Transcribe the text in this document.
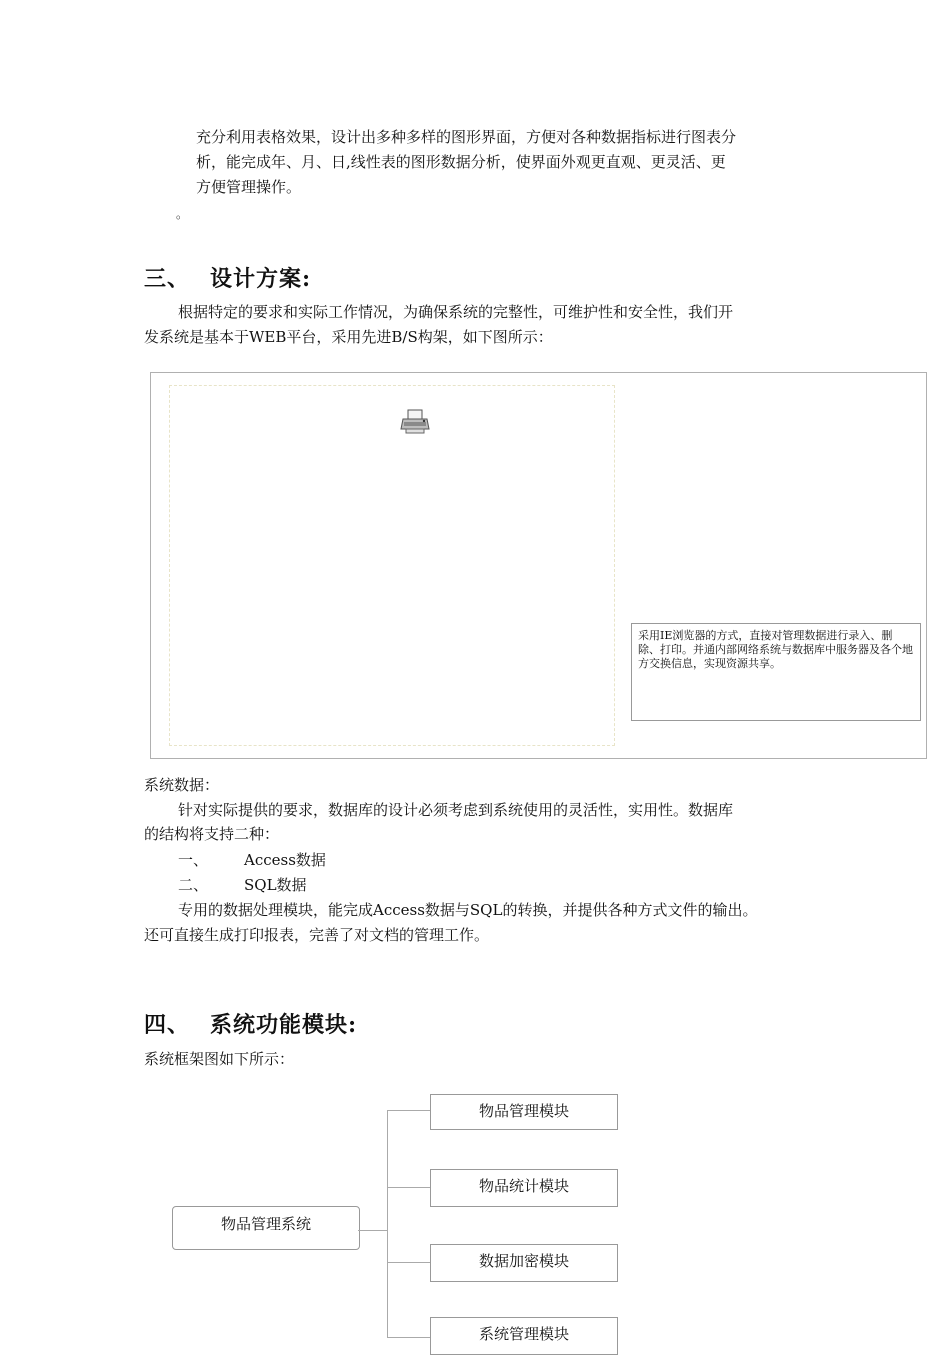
充分利用表格效果，设计出多种多样的图形界面，方便对各种数据指标进行图表分
析，能完成年、月、日,线性表的图形数据分析，使界面外观更直观、更灵活、更
方便管理操作。
。
三、 设计方案:
根据特定的要求和实际工作情况，为确保系统的完整性，可维护性和安全性，我们开
发系统是基本于WEB平台，采用先进B/S构架，如下图所示：
采用IE浏览器的方式，直接对管理数据进行录入、删除、打印。并通内部网络系统与数据库中服务器及各个地方交换信息，实现资源共享。
系统数据：
针对实际提供的要求，数据库的设计必须考虑到系统使用的灵活性，实用性。数据库
的结构将支持二种：
一、 Access数据
二、 SQL数据
专用的数据处理模块，能完成Access数据与SQL的转换，并提供各种方式文件的输出。
还可直接生成打印报表，完善了对文档的管理工作。
四、 系统功能模块:
系统框架图如下所示：
物品管理系统
物品管理模块
物品统计模块
数据加密模块
系统管理模块
